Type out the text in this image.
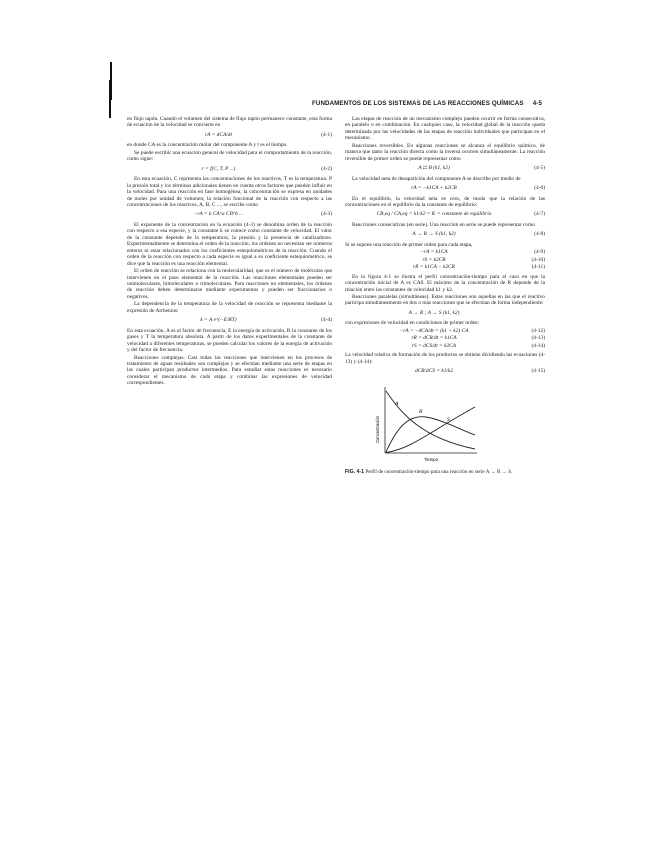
FUNDAMENTOS DE LOS SISTEMAS DE LAS REACCIONES QUÍMICAS 4-5

en flujo tapón. Cuando el volumen del sistema de flujo tapón permanece constante, esta forma de ecuación de la velocidad se convierte en

rA = dCA/dt	(4-1)

en donde CA es la concentración molar del componente A y t es el tiempo.

Se puede escribir una ecuación general de velocidad para el comportamiento de la reacción, como sigue:

r = f(C, T, P ...)	(4-2)

En esta ecuación, C representa las concentraciones de los reactivos, T es la temperatura. P la presión total y los términos adicionales tienen en cuenta otros factores que pueden influir en la velocidad. Para una reacción en fase homogénea, la concentración se expresa en unidades de moles por unidad de volumen; la relación funcional de la reacción con respecto a las concentraciones de los reactivos, A, B, C ..., se escribe como

−rA = k CA^a CB^b ...	(4-3)

El exponente de la concentración en la ecuación (4-3) se denomina orden de la reacción con respecto a esa especie, y la constante k se conoce como constante de velocidad. El valor de la constante depende de la temperatura, la presión y la presencia de catalizadores. Experimentalmente se determina el orden de la reacción; los órdenes no necesitan ser números enteros ni estar relacionados con los coeficientes estequiométricos de la reacción. Cuando el orden de la reacción con respecto a cada especie es igual a su coeficiente estequiométrico, se dice que la reacción es una reacción elemental.

El orden de reacción se relaciona con la molecularidad, que es el número de moléculas que intervienen en el paso elemental de la reacción. Las reacciones elementales pueden ser unimoleculares, bimoleculares o trimoleculares. Para reacciones no elementales, los órdenes de reacción deben determinarse mediante experimentos y pueden ser fraccionarios o negativos.

La dependencia de la temperatura de la velocidad de reacción se representa mediante la expresión de Arrhenius:

k = A e^(−E/RT)	(4-4)

En esta ecuación, A es el factor de frecuencia, E la energía de activación, R la constante de los gases y T la temperatura absoluta. A partir de los datos experimentales de la constante de velocidad a diferentes temperaturas, se pueden calcular los valores de la energía de activación y del factor de frecuencia.

Reacciones complejas. Casi todas las reacciones que intervienen en los procesos de tratamiento de aguas residuales son complejas y se efectúan mediante una serie de etapas en las cuales participan productos intermedios. Para estudiar estas reacciones es necesario considerar el mecanismo de cada etapa y combinar las expresiones de velocidad correspondientes.

Las etapas de reacción de un mecanismo complejo pueden ocurrir en forma consecutiva, en paralelo o en combinación. En cualquier caso, la velocidad global de la reacción queda determinada por las velocidades de las etapas de reacción individuales que participan en el mecanismo.

Reacciones reversibles. En algunas reacciones se alcanza el equilibrio químico, de manera que tanto la reacción directa como la inversa ocurren simultáneamente. La reacción reversible de primer orden se puede representar como

A ⇄ B (k1, k2)	(4-5)

La velocidad neta de desaparición del componente A se describe por medio de

rA = −k1CA + k2CB	(4-6)

En el equilibrio, la velocidad neta es cero, de modo que la relación de las concentraciones en el equilibrio da la constante de equilibrio:

CB,eq / CA,eq = k1/k2 = K = constante de equilibrio	(4-7)

Reacciones consecutivas (en serie). Una reacción en serie se puede representar como

A → R → S (k1, k2)	(4-8)

Si se supone una reacción de primer orden para cada etapa,

−rA = k1CA	(4-9)
rS = k2CR	(4-10)
rR = k1CA − k2CR	(4-11)

En la figura 4-1 se ilustra el perfil concentración-tiempo para el caso en que la concentración inicial de A es CA0. El máximo de la concentración de R depende de la relación entre las constantes de velocidad k1 y k2.

Reacciones paralelas (simultáneas). Estas reacciones son aquellas en las que el reactivo participa simultáneamente en dos o más reacciones que se efectúan de forma independiente:

A → R ; A → S (k1, k2)

con expresiones de velocidad en condiciones de primer orden:

−rA = −dCA/dt = (k1 + k2) CA	(4-12)
rR = dCR/dt = k1CA	(4-13)
rS = dCS/dt = k2CA	(4-14)

La velocidad relativa de formación de los productos se obtiene dividiendo las ecuaciones (4-13) y (4-14):

dCR/dCS = k1/k2	(4-15)
A
R
S
Concentración
Tiempo
FIG. 4-1 Perfil de concentración-tiempo para una reacción en serie A → R → S.
